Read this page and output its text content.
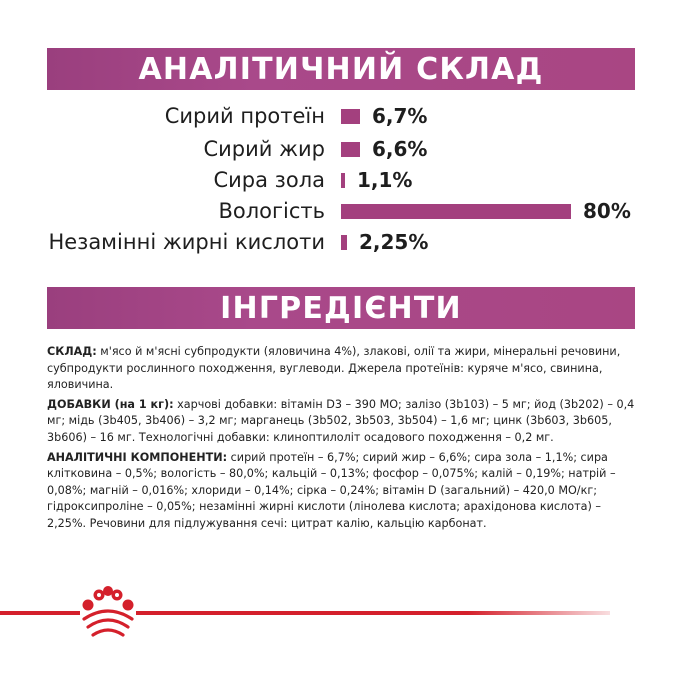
АНАЛІТИЧНИЙ СКЛАД
Сирий протеїн 6,7%
Сирий жир 6,6%
Сира зола 1,1%
Вологість	80%
Незамінні жирні кислоти 2,25%
ІНГРЕДІЄНТИ

СКЛАД: м'ясо й м'ясні субпродукти (яловичина 4%), злакові, олії та жири, мінеральні речовини, субпродукти рослинного походження, вуглеводи. Джерела протеїнів: куряче м'ясо, свинина, яловичина.

ДОБАВКИ (на 1 кг): харчові добавки: вітамін D3 – 390 МО; залізо (3b103) – 5 мг; йод (3b202) – 0,4 мг; мідь (3b405, 3b406) – 3,2 мг; марганець (3b502, 3b503, 3b504) – 1,6 мг; цинк (3b603, 3b605, 3b606) – 16 мг. Технологічні добавки: клиноптилоліт осадового походження – 0,2 мг.

АНАЛІТИЧНІ КОМПОНЕНТИ: сирий протеїн – 6,7%; сирий жир – 6,6%; сира зола – 1,1%; сира клітковина – 0,5%; вологість – 80,0%; кальцій – 0,13%; фосфор – 0,075%; калій – 0,19%; натрій – 0,08%; магній – 0,016%; хлориди – 0,14%; сірка – 0,24%; вітамін D (загальний) – 420,0 МО/кг; гідроксипроліне – 0,05%; незамінні жирні кислоти (лінолева кислота; арахідонова кислота) – 2,25%. Речовини для підлужування сечі: цитрат калію, кальцію карбонат.
